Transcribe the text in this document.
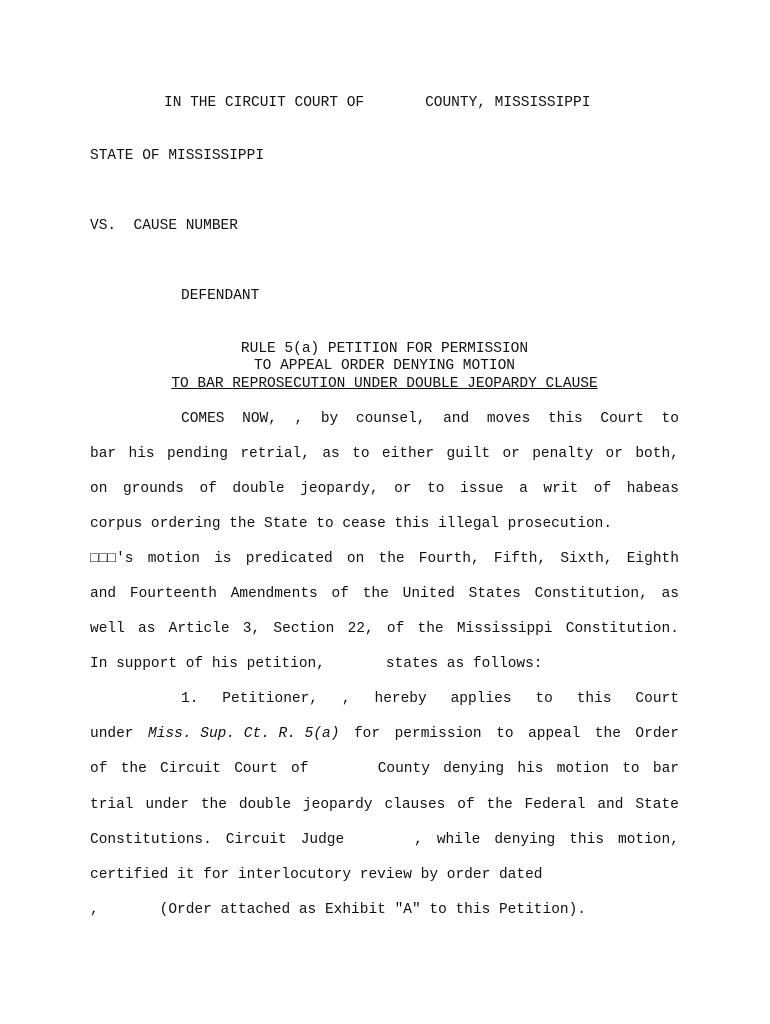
IN THE CIRCUIT COURT OF	COUNTY, MISSISSIPPI
STATE OF MISSISSIPPI
VS. CAUSE NUMBER
DEFENDANT
RULE 5(a) PETITION FOR PERMISSION
TO APPEAL ORDER DENYING MOTION
TO BAR REPROSECUTION UNDER DOUBLE JEOPARDY CLAUSE
COMES NOW, , by counsel, and moves this Court to
bar his pending retrial, as to either guilt or penalty or both,
on grounds of double jeopardy, or to issue a writ of habeas
corpus ordering the State to cease this illegal prosecution.
□□□'s motion is predicated on the Fourth, Fifth, Sixth, Eighth
and Fourteenth Amendments of the United States Constitution, as
well as Article 3, Section 22, of the Mississippi Constitution.
In support of his petition,	states as follows:
1. Petitioner, , hereby applies to this Court
under Miss. Sup. Ct. R. 5(a) for permission to appeal the Order
of the Circuit Court of	County denying his motion to bar
trial under the double jeopardy clauses of the Federal and State
Constitutions. Circuit Judge	, while denying this motion,
certified it for interlocutory review by order dated
,	(Order attached as Exhibit "A" to this Petition).
